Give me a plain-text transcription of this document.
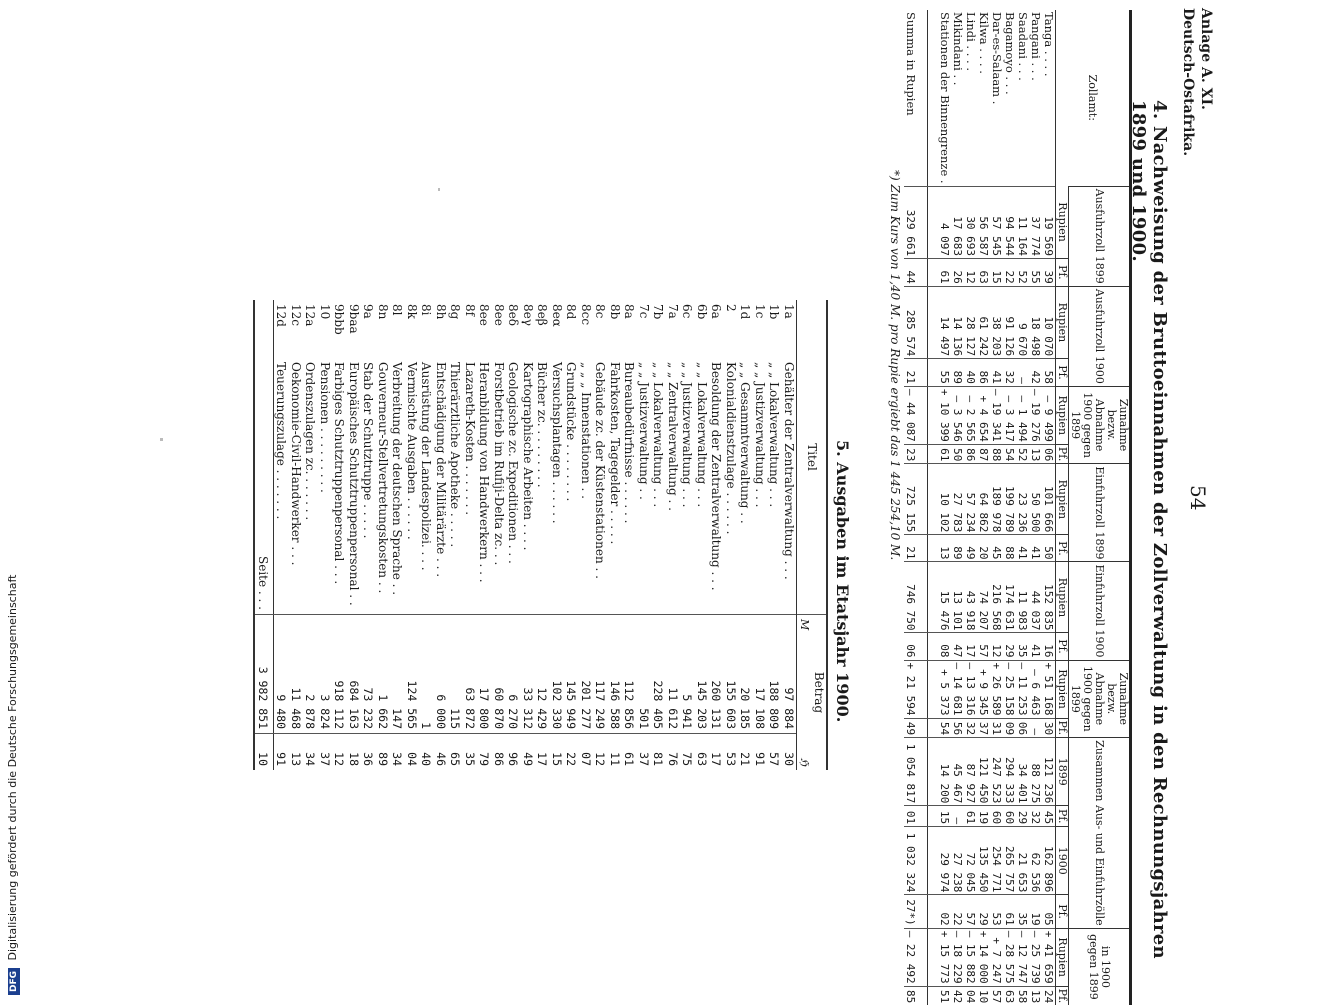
Anlage A. XI.
Deutsch-Ostafrika.
54
4. Nachweisung der Bruttoeinnahmen der Zollverwaltung in den Rechnungsjahren 1899 und 1900.
Zollamt:	Ausfuhrzoll 1899		Ausfuhrzoll 1900		Zunahme bezw. Abnahme 1900 gegen 1899		Einfuhrzoll 1899		Einfuhrzoll 1900		Zunahme bezw. Abnahme 1900 gegen 1899		Zusammen Aus- und Einfuhrzölle				in 1900 gegen 1899	
	Rupien	Pf.	Rupien	Pf.	Rupien	Pf.	Rupien	Pf.	Rupien	Pf.	Rupien	Pf.	1899	Pf.	1900	Pf.	Rupien	Pf.
Tanga . . . .	19 569	39	10 070	58	— 9 499	06	101 666	50	152 835	16	+ 51 168	30	121 236	45	162 896	05	+ 41 659	24
Pangani . . .	37 774	55	18 498	42	— 19 276	13	50 500	41	44 037	41	— 6 463	—	88 275	32	62 536	19	— 25 739	13
Saadani . . .	11 164	52	9 670	—	— 1 494	52	23 236	41	11 983	35	— 11 253	06	34 401	29	21 653	35	— 12 747	58
Bagamoyo . . .	94 544	22	91 126	32	— 3 417	54	199 789	88	174 631	29	— 25 158	09	294 333	60	265 757	61	— 28 575	63
Dar-es-Salaam .	57 545	15	38 203	41	— 19 341	88	189 978	45	216 568	12	+ 26 589	31	247 523	60	254 771	53	+ 7 247	57
Kilwa . . . .	56 587	63	61 242	86	+ 4 654	87	64 862	20	74 207	57	+ 9 345	37	121 450	19	135 450	29	+ 14 000	10
Lindi . . . .	30 693	12	28 127	40	— 2 565	86	57 234	49	43 918	17	— 13 316	32	87 927	61	72 045	57	— 15 882	04
Mikindani . .	17 683	26	14 136	89	— 3 546	50	27 783	89	13 101	47	— 14 681	56	45 467	—	27 238	22	— 18 229	42
Stationen der Binnengrenze .	4 097	61	14 497	55	+ 10 399	61	10 102	13	15 476	08	+ 5 373	54	14 200	15	29 974	02	+ 15 773	51
Summa in Rupien	329 661	44	285 574	21	— 44 087	23	725 155	21	746 750	06	+ 21 594	49	1 054 817	01	1 032 324	27*)	— 22 492	85
*) Zum Kurs von 1,40 M. pro Rupie ergiebt das 1 445 254,10 M.
5. Ausgaben im Etatsjahr 1900.
Titel		Betrag
M
ℌ	

1a	Gehälter der Zentralverwaltung . . .	97 884	30
1b	„ „ Lokalverwaltung . . .	188 809	57
1c	„ „ Justizverwaltung . . .	17 108	91
1d	„ „ Gesammtverwaltung . .	20 185	21
2	Kolonialdienstzulage . . . . . .	155 603	53
6a	Besoldung der Zentralverwaltung . . .	260 131	17
6b	„ „ Lokalverwaltung . . .	145 203	63
6c	„ „ Justizverwaltung . . .	5 941	75
7a	„ „ Zentralverwaltung . .	11 612	76
7b	„ „ Lokalverwaltung . . .	228 405	81
7c	„ „ Justizverwaltung . .	501	37
8a	Bureaubedürfnisse . . . . . .	112 856	61
8b	Fahrkosten, Tagegelder . . . . .	146 588	11
8c	Gebäude zc. der Küstenstationen . .	117 249	12
8cc	„ „ „ Innenstationen . .	201 277	07
8d	Grundstücke . . . . . . . .	145 949	22
8eα	Versuchsplantagen . . . . . .	102 330	15
8eβ	Bücher zc. . . . . . . . .	12 429	17
8eγ	Kartographische Arbeiten . . . .	33 312	49
8eδ	Geologische zc. Expeditionen . . .	6 270	96
8ee	Forstbetrieb im Rufiji-Delta zc. . .	60 870	86
8ee	Heranbildung von Handwerkern . . .	17 800	79
8f	Lazareth-Kosten . . . . . . .	63 872	35
8g	Thierärztliche Apotheke . . . . .	115	65
8h	Entschädigung der Militärärzte . . .	6 000	46
8i	Ausrüstung der Landespolizei. . . .	1	40
8k	Vermischte Ausgaben . . . . . .	124 565	04
8l	Verbreitung der deutschen Sprache . .	147	34
8n	Gouverneur-Stellvertretungskosten . .	1 662	89
9a	Stab der Schutztruppe . . . . .	73 232	36
9baa	Europäisches Schutztruppenpersonal . .	684 163	18
9bbb	Farbiges Schutztruppenpersonal . . .	918 112	12
10	Pensionen . . . . . . . . .	3 824	37
12a	Ordenszulagen zc. . . . . . .	2 878	34
12c	Oekonomie-Civil-Handwerker . . .	11 468	13
12d	Teuerungszulage . . . . . . .	9 480	91
	Seite . . .	3 982 851	10
DFG Digitalisierung gefördert durch die Deutsche Forschungsgemeinschaft
